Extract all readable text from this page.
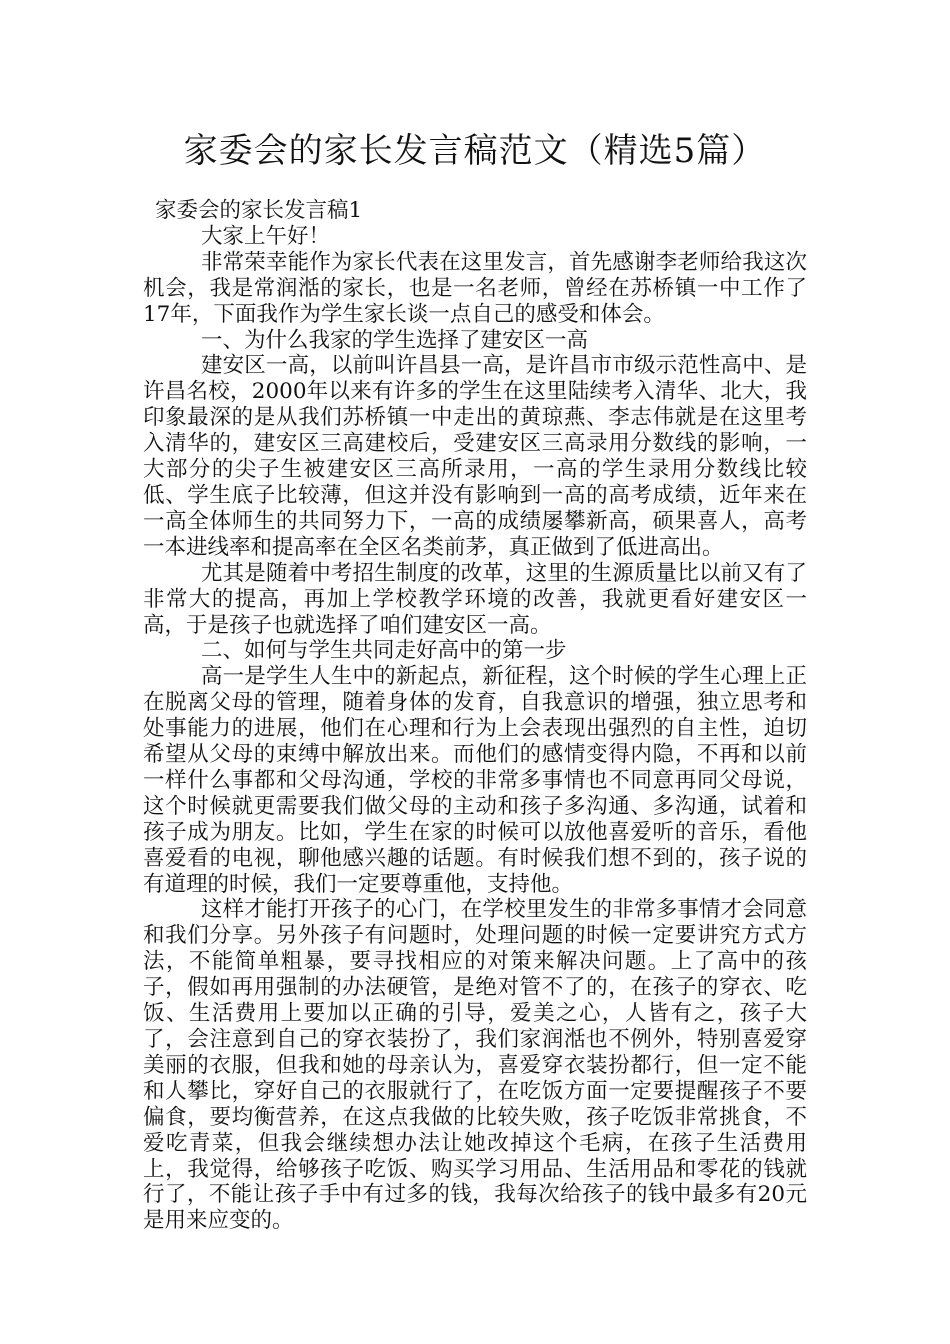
家委会的家长发言稿范文（精选5篇）

家委会的家长发言稿1

大家上午好！

非常荣幸能作为家长代表在这里发言，首先感谢李老师给我这次机会，我是常润湉的家长，也是一名老师，曾经在苏桥镇一中工作了17年，下面我作为学生家长谈一点自己的感受和体会。

一、为什么我家的学生选择了建安区一高

建安区一高，以前叫许昌县一高，是许昌市市级示范性高中、是许昌名校，2000年以来有许多的学生在这里陆续考入清华、北大，我印象最深的是从我们苏桥镇一中走出的黄琼燕、李志伟就是在这里考入清华的，建安区三高建校后，受建安区三高录用分数线的影响，一大部分的尖子生被建安区三高所录用，一高的学生录用分数线比较低、学生底子比较薄，但这并没有影响到一高的高考成绩，近年来在一高全体师生的共同努力下，一高的成绩屡攀新高，硕果喜人，高考一本进线率和提高率在全区名类前茅，真正做到了低进高出。

尤其是随着中考招生制度的改革，这里的生源质量比以前又有了非常大的提高，再加上学校教学环境的改善，我就更看好建安区一高，于是孩子也就选择了咱们建安区一高。

二、如何与学生共同走好高中的第一步

高一是学生人生中的新起点，新征程，这个时候的学生心理上正在脱离父母的管理，随着身体的发育，自我意识的增强，独立思考和处事能力的进展，他们在心理和行为上会表现出强烈的自主性，迫切希望从父母的束缚中解放出来。而他们的感情变得内隐，不再和以前一样什么事都和父母沟通，学校的非常多事情也不同意再同父母说，这个时候就更需要我们做父母的主动和孩子多沟通、多沟通，试着和孩子成为朋友。比如，学生在家的时候可以放他喜爱听的音乐，看他喜爱看的电视，聊他感兴趣的话题。有时候我们想不到的，孩子说的有道理的时候，我们一定要尊重他，支持他。

这样才能打开孩子的心门，在学校里发生的非常多事情才会同意和我们分享。另外孩子有问题时，处理问题的时候一定要讲究方式方法，不能简单粗暴，要寻找相应的对策来解决问题。上了高中的孩子，假如再用强制的办法硬管，是绝对管不了的，在孩子的穿衣、吃饭、生活费用上要加以正确的引导，爱美之心，人皆有之，孩子大了，会注意到自己的穿衣装扮了，我们家润湉也不例外，特别喜爱穿美丽的衣服，但我和她的母亲认为，喜爱穿衣装扮都行，但一定不能和人攀比，穿好自己的衣服就行了，在吃饭方面一定要提醒孩子不要偏食，要均衡营养，在这点我做的比较失败，孩子吃饭非常挑食，不爱吃青菜，但我会继续想办法让她改掉这个毛病，在孩子生活费用上，我觉得，给够孩子吃饭、购买学习用品、生活用品和零花的钱就行了，不能让孩子手中有过多的钱，我每次给孩子的钱中最多有20元是用来应变的。
